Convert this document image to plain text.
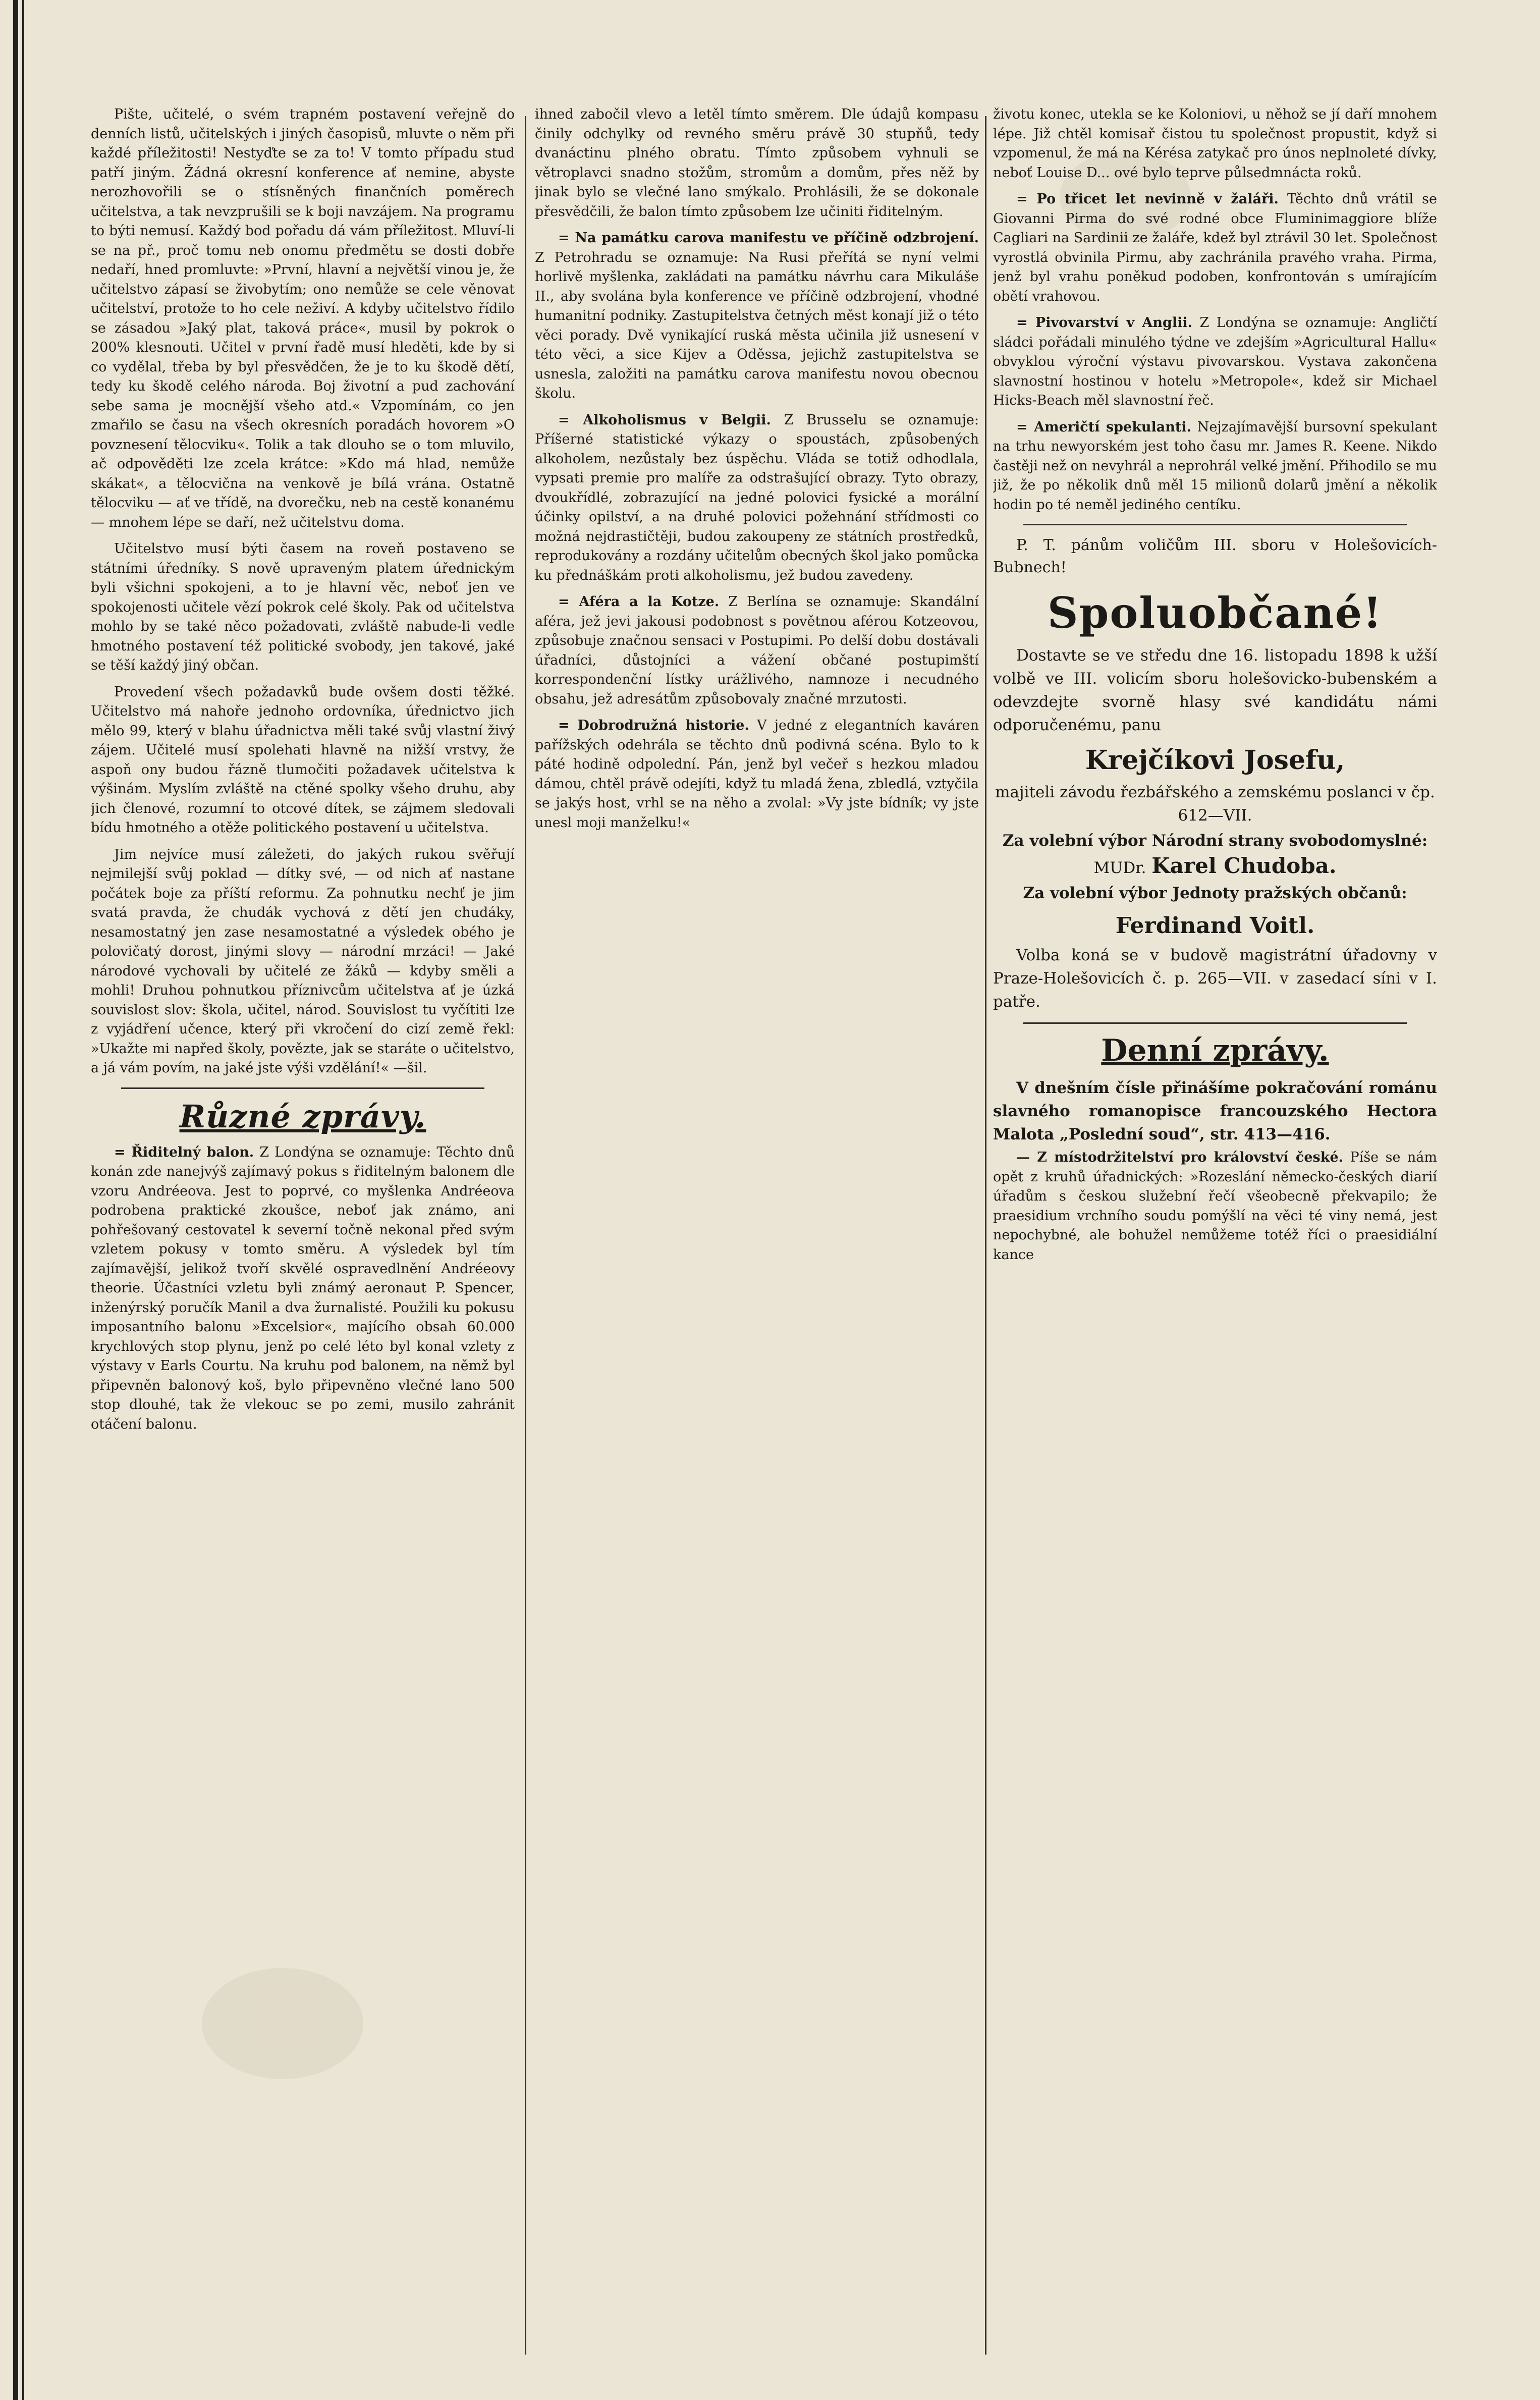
Pište, učitelé, o svém trapném postavení veřejně do denních listů, učitelských i jiných časopisů, mluvte o něm při každé příležitosti! Nestyďte se za to! V tomto případu stud patří jiným. Žádná okresní konference ať nemine, abyste nerozhovořili se o stísněných finančních poměrech učitelstva, a tak nevzprušili se k boji navzájem. Na programu to býti nemusí. Každý bod pořadu dá vám příležitost. Mluví-li se na př., proč tomu neb onomu předmětu se dosti dobře nedaří, hned promluvte: »První, hlavní a největší vinou je, že učitelstvo zápasí se živobytím; ono nemůže se cele věnovat učitelství, protože to ho cele neživí. A kdyby učitelstvo řídilo se zásadou »Jaký plat, taková práce«, musil by pokrok o 200% klesnouti. Učitel v první řadě musí hleděti, kde by si co vydělal, třeba by byl přesvědčen, že je to ku škodě dětí, tedy ku škodě celého národa. Boj životní a pud zachování sebe sama je mocnější všeho atd.« Vzpomínám, co jen zmařilo se času na všech okresních poradách hovorem »O povznesení tělocviku«. Tolik a tak dlouho se o tom mluvilo, ač odpověděti lze zcela krátce: »Kdo má hlad, nemůže skákat«, a tělocvična na venkově je bílá vrána. Ostatně tělocviku — ať ve třídě, na dvorečku, neb na cestě konanému — mnohem lépe se daří, než učitelstvu doma.

Učitelstvo musí býti časem na roveň postaveno se státními úředníky. S nově upraveným platem úřednickým byli všichni spokojeni, a to je hlavní věc, neboť jen ve spokojenosti učitele vězí pokrok celé školy. Pak od učitelstva mohlo by se také něco požadovati, zvláště nabude-li vedle hmotného postavení též politické svobody, jen takové, jaké se těší každý jiný občan.

Provedení všech požadavků bude ovšem dosti těžké. Učitelstvo má nahoře jednoho ordovníka, úřednictvo jich mělo 99, který v blahu úřadnictva měli také svůj vlastní živý zájem. Učitelé musí spolehati hlavně na nižší vrstvy, že aspoň ony budou řázně tlumočiti požadavek učitelstva k výšinám. Myslím zvláště na ctěné spolky všeho druhu, aby jich členové, rozumní to otcové dítek, se zájmem sledovali bídu hmotného a otěže politického postavení u učitelstva.

Jim nejvíce musí záležeti, do jakých rukou svěřují nejmilejší svůj poklad — dítky své, — od nich ať nastane počátek boje za příští reformu. Za pohnutku nechť je jim svatá pravda, že chudák vychová z dětí jen chudáky, nesamostatný jen zase nesamostatné a výsledek obého je polovičatý dorost, jinými slovy — národní mrzáci! — Jaké národové vychovali by učitelé ze žáků — kdyby směli a mohli! Druhou pohnutkou příznivcům učitelstva ať je úzká souvislost slov: škola, učitel, národ. Souvislost tu vyčítiti lze z vyjádření učence, který při vkročení do cizí země řekl: »Ukažte mi napřed školy, povězte, jak se staráte o učitelstvo, a já vám povím, na jaké jste výši vzdělání!« —šil.

Různé zprávy.

= Řiditelný balon. Z Londýna se oznamuje: Těchto dnů konán zde nanejvýš zajímavý pokus s řiditelným balonem dle vzoru Andréeova. Jest to poprvé, co myšlenka Andréeova podrobena praktické zkoušce, neboť jak známo, ani pohřešovaný cestovatel k severní točně nekonal před svým vzletem pokusy v tomto směru. A výsledek byl tím zajímavější, jelikož tvoří skvělé ospravedlnění Andréeovy theorie. Účastníci vzletu byli známý aeronaut P. Spencer, inženýrský poručík Manil a dva žurnalisté. Použili ku pokusu imposantního balonu »Excelsior«, majícího obsah 60.000 krychlových stop plynu, jenž po celé léto byl konal vzlety z výstavy v Earls Courtu. Na kruhu pod balonem, na němž byl připevněn balonový koš, bylo připevněno vlečné lano 500 stop dlouhé, tak že vlekouc se po zemi, musilo zahránit otáčení balonu.

ihned zabočil vlevo a letěl tímto směrem. Dle údajů kompasu činily odchylky od revného směru právě 30 stupňů, tedy dvanáctinu plného obratu. Tímto způsobem vyhnuli se větroplavci snadno stožům, stromům a domům, přes něž by jinak bylo se vlečné lano smýkalo. Prohlásili, že se dokonale přesvědčili, že balon tímto způsobem lze učiniti řiditelným.

= Na památku carova manifestu ve příčině odzbrojení. Z Petrohradu se oznamuje: Na Rusi přeřítá se nyní velmi horlivě myšlenka, zakládati na památku návrhu cara Mikuláše II., aby svolána byla konference ve příčině odzbrojení, vhodné humanitní podniky. Zastupitelstva četných měst konají již o této věci porady. Dvě vynikající ruská města učinila již usnesení v této věci, a sice Kijev a Oděssa, jejichž zastupitelstva se usnesla, založiti na památku carova manifestu novou obecnou školu.

= Alkoholismus v Belgii. Z Brusselu se oznamuje: Příšerné statistické výkazy o spoustách, způsobených alkoholem, nezůstaly bez úspěchu. Vláda se totiž odhodlala, vypsati premie pro malíře za odstrašující obrazy. Tyto obrazy, dvoukřídlé, zobrazující na jedné polovici fysické a morální účinky opilství, a na druhé polovici požehnání střídmosti co možná nejdrastičtěji, budou zakoupeny ze státních prostředků, reprodukovány a rozdány učitelům obecných škol jako pomůcka ku přednáškám proti alkoholismu, jež budou zavedeny.

= Aféra a la Kotze. Z Berlína se oznamuje: Skandální aféra, jež jevi jakousi podobnost s povětnou aférou Kotzeovou, způsobuje značnou sensaci v Postupimi. Po delší dobu dostávali úřadníci, důstojníci a vážení občané postupimští korrespondenční lístky urážlivého, namnoze i necudného obsahu, jež adresátům způsobovaly značné mrzutosti.

= Dobrodružná historie. V jedné z elegantních kaváren pařížských odehrála se těchto dnů podivná scéna. Bylo to k páté hodině odpolední. Pán, jenž byl večeř s hezkou mladou dámou, chtěl právě odejíti, když tu mladá žena, zbledlá, vztyčila se jakýs host, vrhl se na něho a zvolal: »Vy jste bídník; vy jste unesl moji manželku!«

životu konec, utekla se ke Koloniovi, u něhož se jí daří mnohem lépe. Již chtěl komisař čistou tu společnost propustit, když si vzpomenul, že má na Kérésa zatykač pro únos neplnoleté dívky, neboť Louise D... ové bylo teprve půlsedmnácta roků.

= Po třicet let nevinně v žaláři. Těchto dnů vrátil se Giovanni Pirma do své rodné obce Fluminimaggiore blíže Cagliari na Sardinii ze žaláře, kdež byl ztrávil 30 let. Společnost vyrostlá obvinila Pirmu, aby zachránila pravého vraha. Pirma, jenž byl vrahu poněkud podoben, konfrontován s umírajícím obětí vrahovou.

= Pivovarství v Anglii. Z Londýna se oznamuje: Angličtí sládci pořádali minulého týdne ve zdejším »Agricultural Hallu« obvyklou výroční výstavu pivovarskou. Vystava zakončena slavnostní hostinou v hotelu »Metropole«, kdež sir Michael Hicks-Beach měl slavnostní řeč.

= Američtí spekulanti. Nejzajímavější bursovní spekulant na trhu newyorském jest toho času mr. James R. Keene. Nikdo častěji než on nevyhrál a neprohrál velké jmění. Přihodilo se mu již, že po několik dnů měl 15 milionů dolarů jmění a několik hodin po té neměl jediného centíku.

P. T. pánům voličům III. sboru v Holešovicích-Bubnech!

Spoluobčané!

Dostavte se ve středu dne 16. listopadu 1898 k užší volbě ve III. volicím sboru holešovicko-bubenském a odevzdejte svorně hlasy své kandidátu námi odporučenému, panu

Krejčíkovi Josefu,

majiteli závodu řezbářského a zemskému poslanci v čp. 612—VII.

Za volební výbor Národní strany svobodomyslné:

MUDr. Karel Chudoba.

Za volební výbor Jednoty pražských občanů:

Ferdinand Voitl.

Volba koná se v budově magistrátní úřadovny v Praze-Holešovicích č. p. 265—VII. v zasedací síni v I. patře.

Denní zprávy.

V dnešním čísle přinášíme pokračování románu slavného romanopisce francouzského Hectora Malota „Poslední soud“, str. 413—416.

— Z místodržitelství pro království české. Píše se nám opět z kruhů úřadnických: »Rozeslání německo-českých diarií úřadům s českou služební řečí všeobecně překvapilo; že praesidium vrchního soudu pomýšlí na věci té viny nemá, jest nepochybné, ale bohužel nemůžeme totéž říci o praesidiální kance
